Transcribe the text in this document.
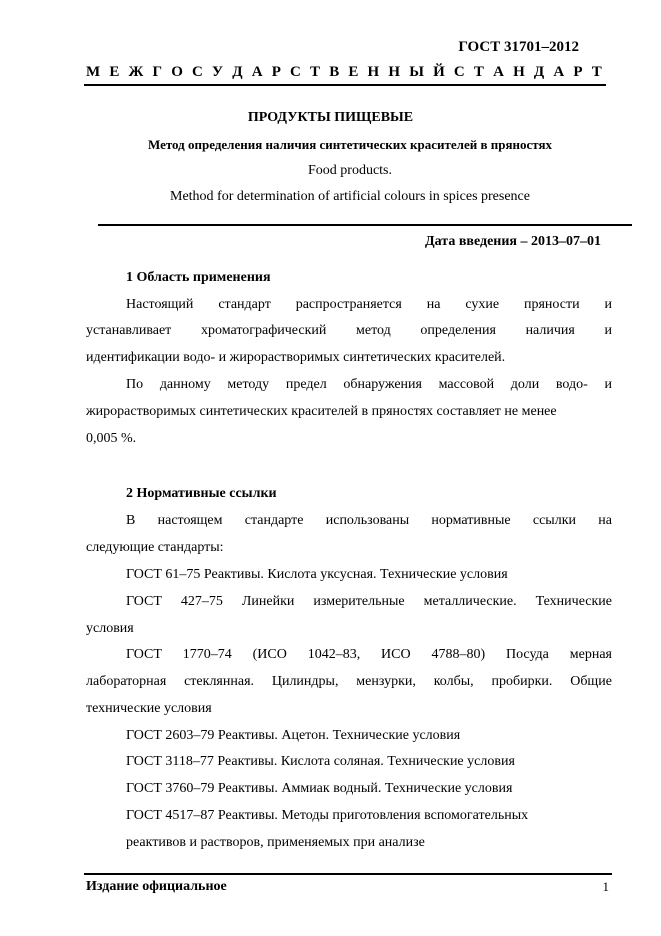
ГОСТ 31701–2012
М Е Ж Г О С У Д А Р С Т В Е Н Н Ы Й С Т А Н Д А Р Т
ПРОДУКТЫ ПИЩЕВЫЕ
Метод определения наличия синтетических красителей в пряностях
Food products.
Method for determination of artificial colours in spices presence
Дата введения – 2013–07–01
1 Область применения
Настоящий стандарт распространяется на сухие пряности и
устанавливает хроматографический метод определения наличия и
идентификации водо- и жирорастворимых синтетических красителей.
По данному методу предел обнаружения массовой доли водо- и
жирорастворимых синтетических красителей в пряностях составляет не менее
0,005 %.
2 Нормативные ссылки
В настоящем стандарте использованы нормативные ссылки на
следующие стандарты:
ГОСТ 61–75 Реактивы. Кислота уксусная. Технические условия
ГОСТ 427–75 Линейки измерительные металлические. Технические
условия
ГОСТ 1770–74 (ИСО 1042–83, ИСО 4788–80) Посуда мерная
лабораторная стеклянная. Цилиндры, мензурки, колбы, пробирки. Общие
технические условия
ГОСТ 2603–79 Реактивы. Ацетон. Технические условия
ГОСТ 3118–77 Реактивы. Кислота соляная. Технические условия
ГОСТ 3760–79 Реактивы. Аммиак водный. Технические условия
ГОСТ 4517–87 Реактивы. Методы приготовления вспомогательных
реактивов и растворов, применяемых при анализе
Издание официальное	1
